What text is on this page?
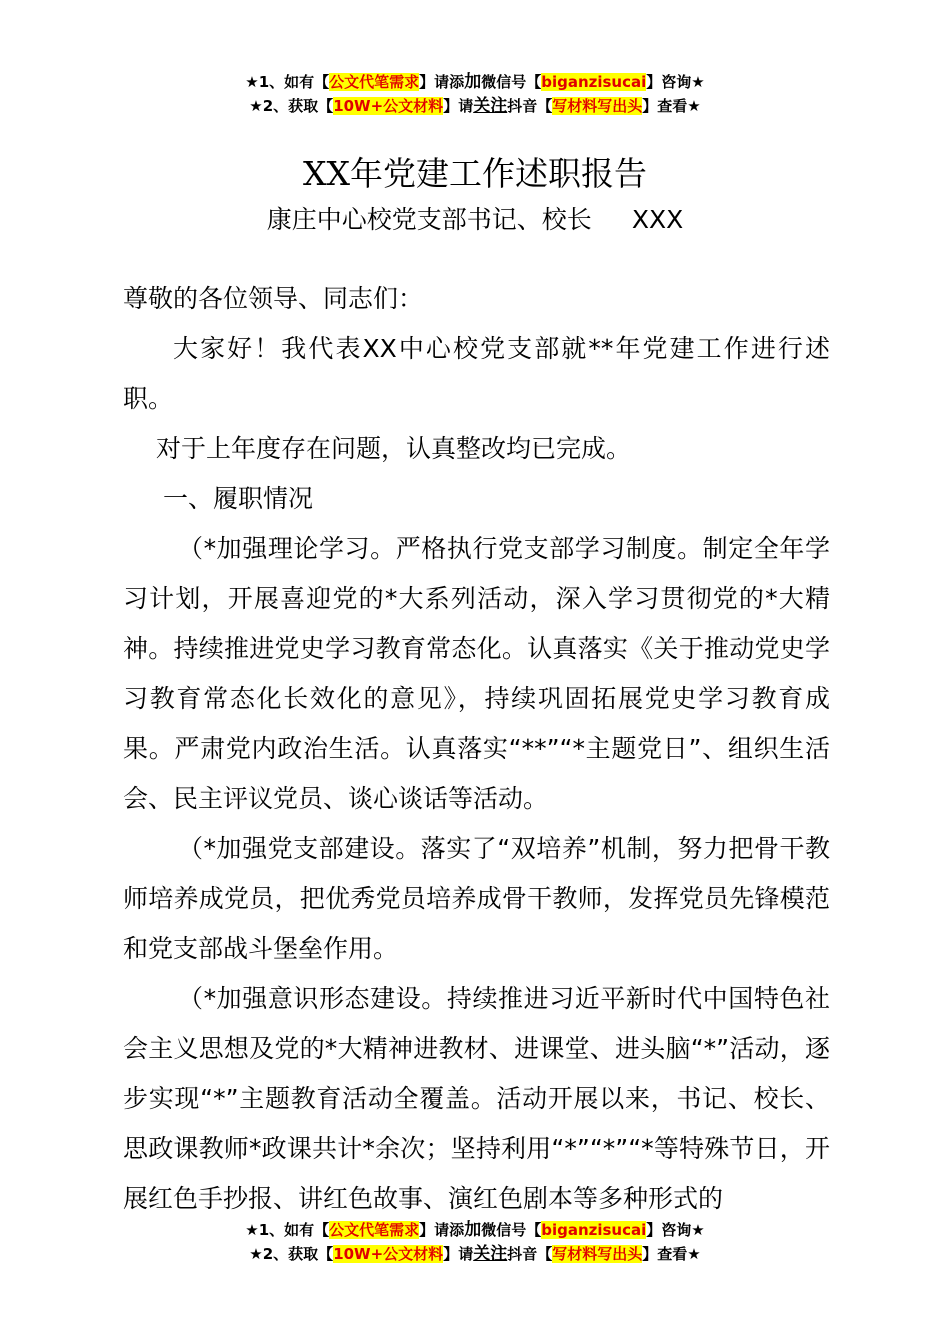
★1、如有【公文代笔需求】请添加微信号【biganzisucai】咨询★
★2、获取【10W+公文材料】请关注抖音【写材料写出头】查看★
XX年党建工作述职报告
康庄中心校党支部书记、校长 XXX

尊敬的各位领导、同志们：

大家好！我代表XX中心校党支部就**年党建工作进行述职。

对于上年度存在问题，认真整改均已完成。

一、履职情况

（*加强理论学习。严格执行党支部学习制度。制定全年学习计划，开展喜迎党的*大系列活动，深入学习贯彻党的*大精神。持续推进党史学习教育常态化。认真落实《关于推动党史学习教育常态化长效化的意见》，持续巩固拓展党史学习教育成果。严肃党内政治生活。认真落实“**”“*主题党日”、组织生活会、民主评议党员、谈心谈话等活动。

（*加强党支部建设。落实了“双培养”机制，努力把骨干教师培养成党员，把优秀党员培养成骨干教师，发挥党员先锋模范和党支部战斗堡垒作用。

（*加强意识形态建设。持续推进习近平新时代中国特色社会主义思想及党的*大精神进教材、进课堂、进头脑“*”活动，逐步实现“*”主题教育活动全覆盖。活动开展以来，书记、校长、思政课教师*政课共计*余次；坚持利用“*”“*”“*等特殊节日，开展红色手抄报、讲红色故事、演红色剧本等多种形式的

★1、如有【公文代笔需求】请添加微信号【biganzisucai】咨询★
★2、获取【10W+公文材料】请关注抖音【写材料写出头】查看★
